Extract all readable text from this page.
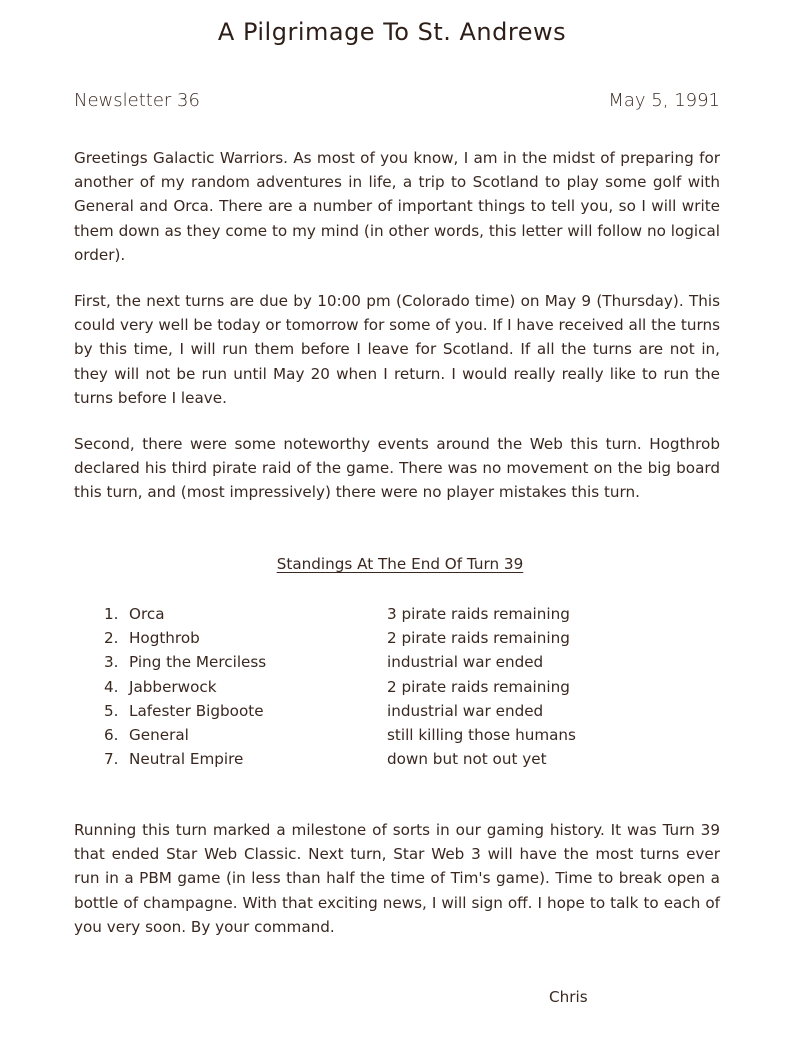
A Pilgrimage To St. Andrews
Newsletter 36	May 5, 1991
Greetings Galactic Warriors. As most of you know, I am in the midst of preparing for another of my random adventures in life, a trip to Scotland to play some golf with General and Orca. There are a number of important things to tell you, so I will write them down as they come to my mind (in other words, this letter will follow no logical order).
First, the next turns are due by 10:00 pm (Colorado time) on May 9 (Thursday). This could very well be today or tomorrow for some of you. If I have received all the turns by this time, I will run them before I leave for Scotland. If all the turns are not in, they will not be run until May 20 when I return. I would really really like to run the turns before I leave.
Second, there were some noteworthy events around the Web this turn. Hogthrob declared his third pirate raid of the game. There was no movement on the big board this turn, and (most impressively) there were no player mistakes this turn.
Standings At The End Of Turn 39
1. Orca	3 pirate raids remaining
2. Hogthrob	2 pirate raids remaining
3. Ping the Merciless	industrial war ended
4. Jabberwock	2 pirate raids remaining
5. Lafester Bigboote	industrial war ended
6. General	still killing those humans
7. Neutral Empire	down but not out yet
Running this turn marked a milestone of sorts in our gaming history. It was Turn 39 that ended Star Web Classic. Next turn, Star Web 3 will have the most turns ever run in a PBM game (in less than half the time of Tim's game). Time to break open a bottle of champagne. With that exciting news, I will sign off. I hope to talk to each of you very soon. By your command.
Chris
